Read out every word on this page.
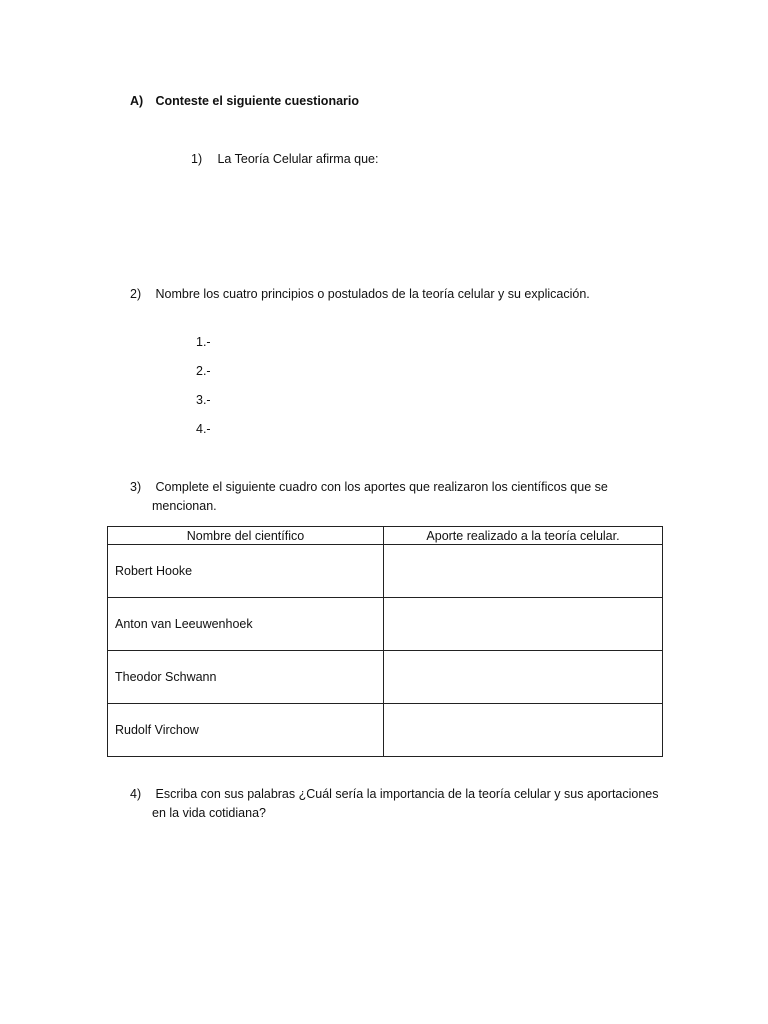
A) Conteste el siguiente cuestionario
1) La Teoría Celular afirma que:
2) Nombre los cuatro principios o postulados de la teoría celular y su explicación.
1.-
2.-
3.-
4.-
3) Complete el siguiente cuadro con los aportes que realizaron los científicos que se
mencionan.
Nombre del científico	Aporte realizado a la teoría celular.
Robert Hooke	
Anton van Leeuwenhoek	
Theodor Schwann	
Rudolf Virchow	
4) Escriba con sus palabras ¿Cuál sería la importancia de la teoría celular y sus aportaciones
en la vida cotidiana?
